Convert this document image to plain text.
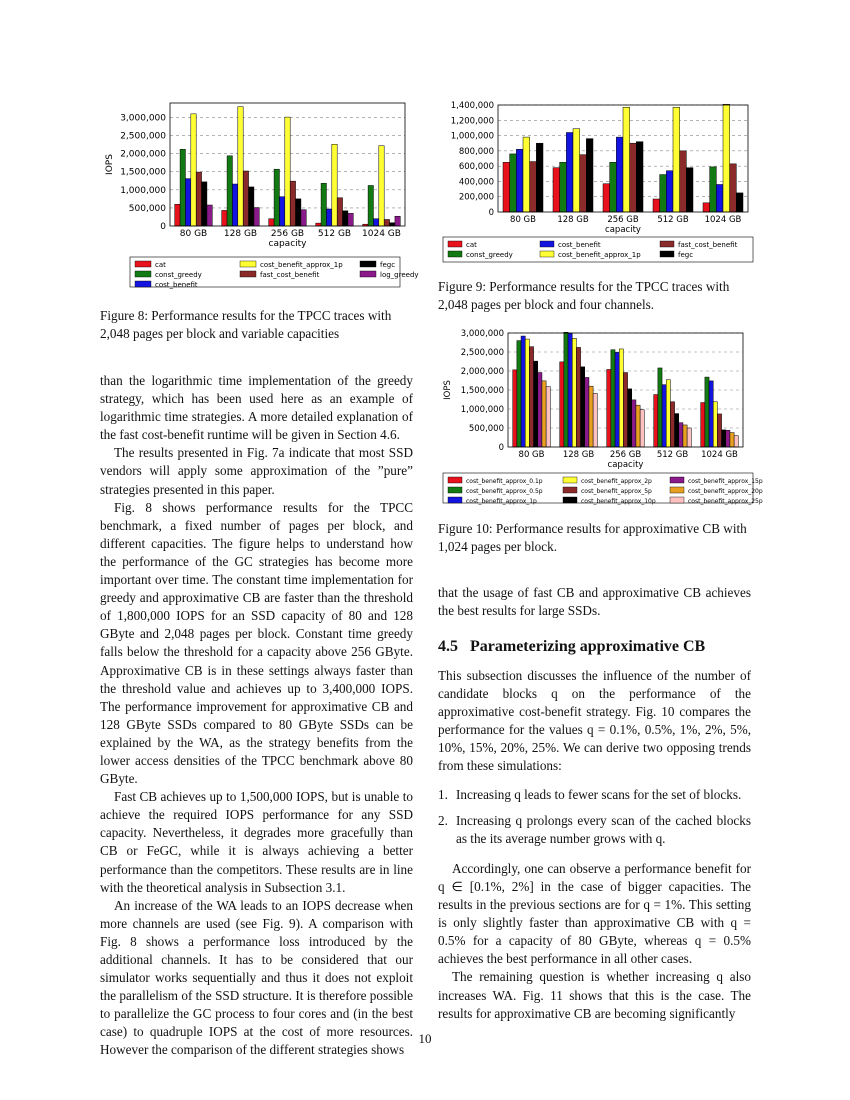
0
500,000
1,000,000
1,500,000
2,000,000
2,500,000
3,000,000
80 GB 128 GB 256 GB 512 GB 1024 GB
capacity
IOPS
cat	cost_benefit_approx_1p	fegc
const_greedy	fast_cost_benefit	log_greedy
cost_benefit
Figure 8: Performance results for the TPCC traces with 2,048 pages per block and variable capacities
0
200,000
400,000
600,000
800,000
1,000,000
1,200,000
1,400,000
80 GB	128 GB 256 GB 512 GB 1024 GB
capacity
cat	cost_benefit	fast_cost_benefit
const_greedy	cost_benefit_approx_1p	fegc
Figure 9: Performance results for the TPCC traces with 2,048 pages per block and four channels.
0
500,000
1,000,000
1,500,000
2,000,000
2,500,000
3,000,000
80 GB 128 GB 256 GB 512 GB 1024 GB
capacity
IOPS
cost_benefit_approx_0.1p	cost_benefit_approx_2p	cost_benefit_approx_15p
cost_benefit_approx_0.5p	cost_benefit_approx_5p	cost_benefit_approx_20p
cost_benefit_approx_1p	cost_benefit_approx_10p	cost_benefit_approx_25p
Figure 10: Performance results for approximative CB with 1,024 pages per block.

than the logarithmic time implementation of the greedy strategy, which has been used here as an example of logarithmic time strategies. A more detailed explanation of the fast cost-benefit runtime will be given in Section 4.6.

The results presented in Fig. 7a indicate that most SSD vendors will apply some approximation of the ”pure” strategies presented in this paper.

Fig. 8 shows performance results for the TPCC benchmark, a fixed number of pages per block, and different capacities. The figure helps to understand how the performance of the GC strategies has become more important over time. The constant time implementation for greedy and approximative CB are faster than the threshold of 1,800,000 IOPS for an SSD capacity of 80 and 128 GByte and 2,048 pages per block. Constant time greedy falls below the threshold for a capacity above 256 GByte. Approximative CB is in these settings always faster than the threshold value and achieves up to 3,400,000 IOPS. The performance improvement for approximative CB and 128 GByte SSDs compared to 80 GByte SSDs can be explained by the WA, as the strategy benefits from the lower access densities of the TPCC benchmark above 80 GByte.

Fast CB achieves up to 1,500,000 IOPS, but is unable to achieve the required IOPS performance for any SSD capacity. Nevertheless, it degrades more gracefully than CB or FeGC, while it is always achieving a better performance than the competitors. These results are in line with the theoretical analysis in Subsection 3.1.

An increase of the WA leads to an IOPS decrease when more channels are used (see Fig. 9). A comparison with Fig. 8 shows a performance loss introduced by the additional channels. It has to be considered that our simulator works sequentially and thus it does not exploit the parallelism of the SSD structure. It is therefore possible to parallelize the GC process to four cores and (in the best case) to quadruple IOPS at the cost of more resources. However the comparison of the different strategies shows

that the usage of fast CB and approximative CB achieves the best results for large SSDs.

4.5 Parameterizing approximative CB

This subsection discusses the influence of the number of candidate blocks q on the performance of the approximative cost-benefit strategy. Fig. 10 compares the performance for the values q = 0.1%, 0.5%, 1%, 2%, 5%, 10%, 15%, 20%, 25%. We can derive two opposing trends from these simulations:

1. Increasing q leads to fewer scans for the set of blocks.
2. Increasing q prolongs every scan of the cached blocks as the its average number grows with q.

Accordingly, one can observe a performance benefit for q ∈ [0.1%, 2%] in the case of bigger capacities. The results in the previous sections are for q = 1%. This setting is only slightly faster than approximative CB with q = 0.5% for a capacity of 80 GByte, whereas q = 0.5% achieves the best performance in all other cases.

The remaining question is whether increasing q also increases WA. Fig. 11 shows that this is the case. The results for approximative CB are becoming significantly

10
